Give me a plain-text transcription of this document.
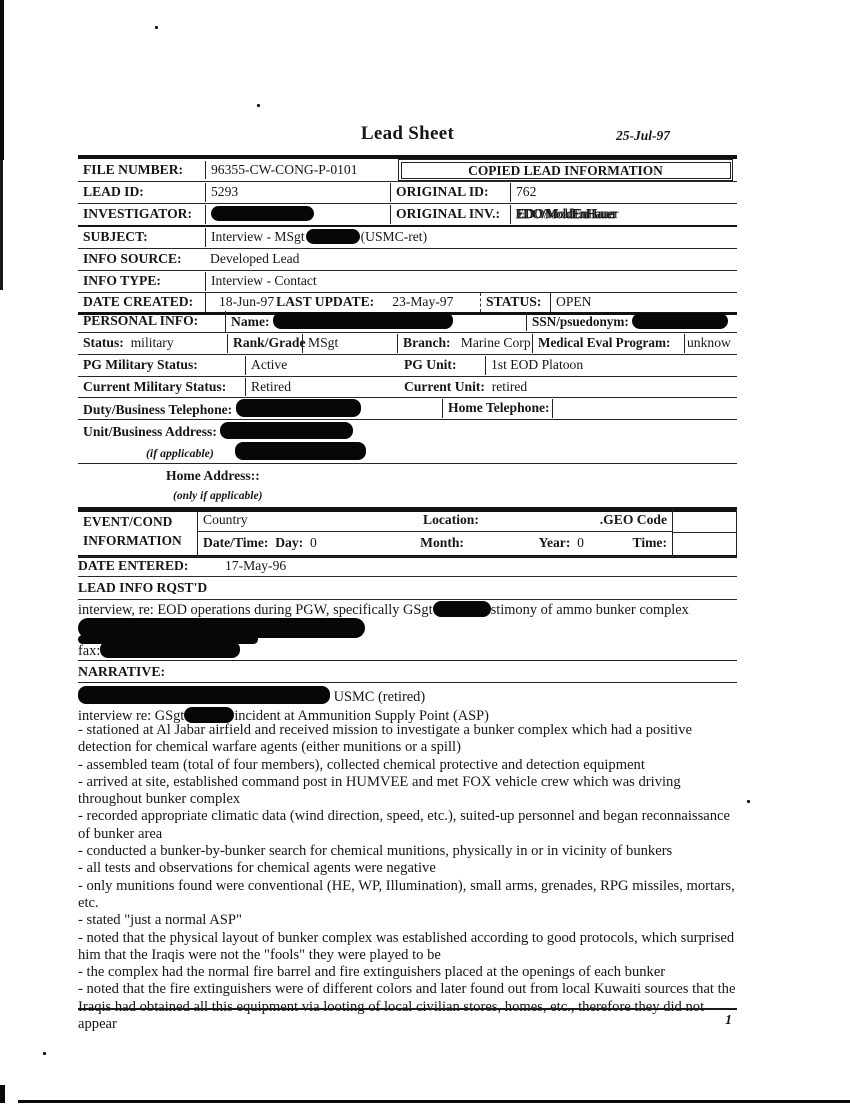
Lead Sheet	25-Jul-97
FILE NUMBER:	96355-CW-CONG-P-0101	COPIED LEAD INFORMATION
LEAD ID:	5293	ORIGINAL ID:	762
INVESTIGATOR:	ORIGINAL INV.:	EDO/MoldEnHauer
SUBJECT:	Interview - MSgt	(USMC-ret)
INFO SOURCE:	Developed Lead
INFO TYPE:	Interview - Contact
DATE CREATED:	18-Jun-97 LAST UPDATE: 23-May-97	STATUS:	OPEN
PERSONAL INFO:	Name:	SSN/psuedonym:
Status: military	Rank/Grade MSgt	Branch: Marine Corp Medical Eval Program:	unknow
PG Military Status:	Active	PG Unit:	1st EOD Platoon
Current Military Status:	Retired	Current Unit: retired
Duty/Business Telephone:	Home Telephone:
Unit/Business Address:
(if applicable)
Home Address::
(only if applicable)
EVENT/COND
INFORMATION
Country	Location:	.GEO Code
Date/Time: Day: 0	Month:	Year: 0	Time:
DATE ENTERED:	17-May-96
LEAD INFO RQST'D
interview, re: EOD operations during PGW, specifically GSgt	stimony of ammo bunker complex
fax:
NARRATIVE:
USMC (retired)
interview re: GSgt	incident at Ammunition Supply Point (ASP)

- stationed at Al Jabar airfield and received mission to investigate a bunker complex which had a positive detection for chemical warfare agents (either munitions or a spill)

- assembled team (total of four members), collected chemical protective and detection equipment

- arrived at site, established command post in HUMVEE and met FOX vehicle crew which was driving throughout bunker complex

- recorded appropriate climatic data (wind direction, speed, etc.), suited-up personnel and began reconnaissance of bunker area

- conducted a bunker-by-bunker search for chemical munitions, physically in or in vicinity of bunkers

- all tests and observations for chemical agents were negative

- only munitions found were conventional (HE, WP, Illumination), small arms, grenades, RPG missiles, mortars, etc.

- stated "just a normal ASP"

- noted that the physical layout of bunker complex was established according to good protocols, which surprised him that the Iraqis were not the "fools" they were played to be

- the complex had the normal fire barrel and fire extinguishers placed at the openings of each bunker

- noted that the fire extinguishers were of different colors and later found out from local Kuwaiti sources that the Iraqis had obtained all this equipment via looting of local civilian stores, homes, etc., therefore they did not appear	1
